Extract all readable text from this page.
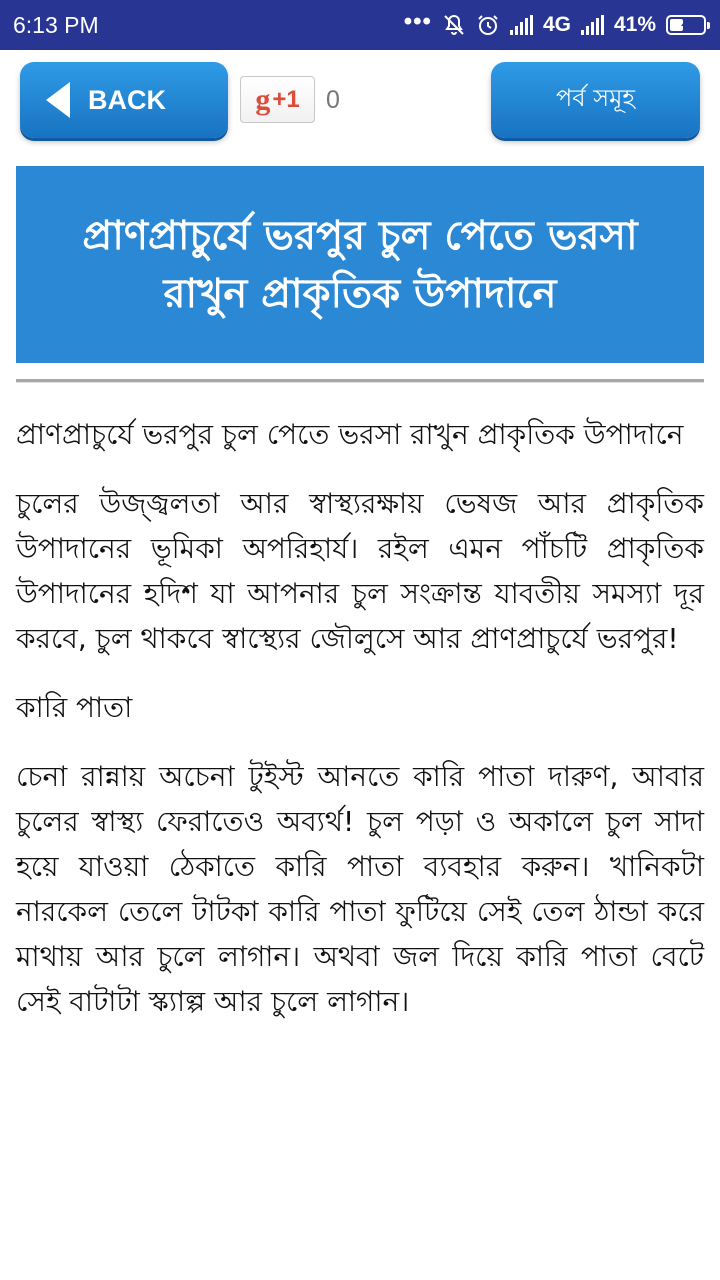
6:13 PM	•••	4G 41%
BACK	g +1 0	পর্ব সমূহ
প্রাণপ্রাচুর্যে ভরপুর চুল পেতে ভরসা রাখুন প্রাকৃতিক উপাদানে

প্রাণপ্রাচুর্যে ভরপুর চুল পেতে ভরসা রাখুন প্রাকৃতিক উপাদানে

চুলের উজ্জ্বলতা আর স্বাস্থ্যরক্ষায় ভেষজ আর প্রাকৃতিক উপাদানের ভূমিকা অপরিহার্য। রইল এমন পাঁচটি প্রাকৃতিক উপাদানের হদিশ যা আপনার চুল সংক্রান্ত যাবতীয় সমস্যা দূর করবে, চুল থাকবে স্বাস্থ্যের জৌলুসে আর প্রাণপ্রাচুর্যে ভরপুর!

কারি পাতা

চেনা রান্নায় অচেনা টুইস্ট আনতে কারি পাতা দারুণ, আবার চুলের স্বাস্থ্য ফেরাতেও অব্যর্থ! চুল পড়া ও অকালে চুল সাদা হয়ে যাওয়া ঠেকাতে কারি পাতা ব্যবহার করুন। খানিকটা নারকেল তেলে টাটকা কারি পাতা ফুটিয়ে সেই তেল ঠান্ডা করে মাথায় আর চুলে লাগান। অথবা জল দিয়ে কারি পাতা বেটে সেই বাটাটা স্ক্যাল্প আর চুলে লাগান।
